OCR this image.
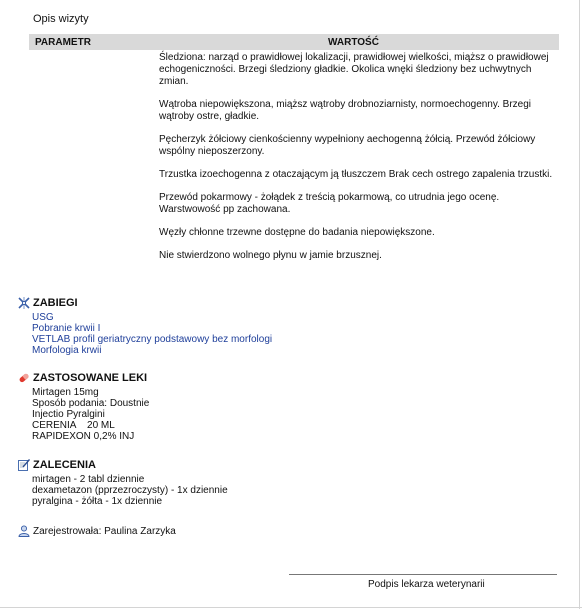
Opis wizyty
PARAMETR	WARTOŚĆ

Śledziona: narząd o prawidłowej lokalizacji, prawidłowej wielkości, miąższ o prawidłowej echogeniczności. Brzegi śledziony gładkie. Okolica wnęki śledziony bez uchwytnych zmian.

Wątroba niepowiększona, miąższ wątroby drobnoziarnisty, normoechogenny. Brzegi wątroby ostre, gładkie.

Pęcherzyk żółciowy cienkościenny wypełniony aechogenną żółcią. Przewód żółciowy wspólny nieposzerzony.

Trzustka izoechogenna z otaczającym ją tłuszczem Brak cech ostrego zapalenia trzustki.

Przewód pokarmowy - żołądek z treścią pokarmową, co utrudnia jego ocenę. Warstwowość pp zachowana.

Węzły chłonne trzewne dostępne do badania niepowiększone.

Nie stwierdzono wolnego płynu w jamie brzusznej.

ZABIEGI
USG
Pobranie krwii I
VETLAB profil geriatryczny podstawowy bez morfologi
Morfologia krwii
ZASTOSOWANE LEKI
Mirtagen 15mg
Sposób podania: Doustnie
Injectio Pyralgini
CERENIA    20 ML
RAPIDEXON 0,2% INJ
ZALECENIA
mirtagen - 2 tabl dziennie
dexametazon (pprzezroczysty) - 1x dziennie
pyralgina - żółta - 1x dziennie
Zarejestrowała: Paulina Zarzyka
Podpis lekarza weterynarii
